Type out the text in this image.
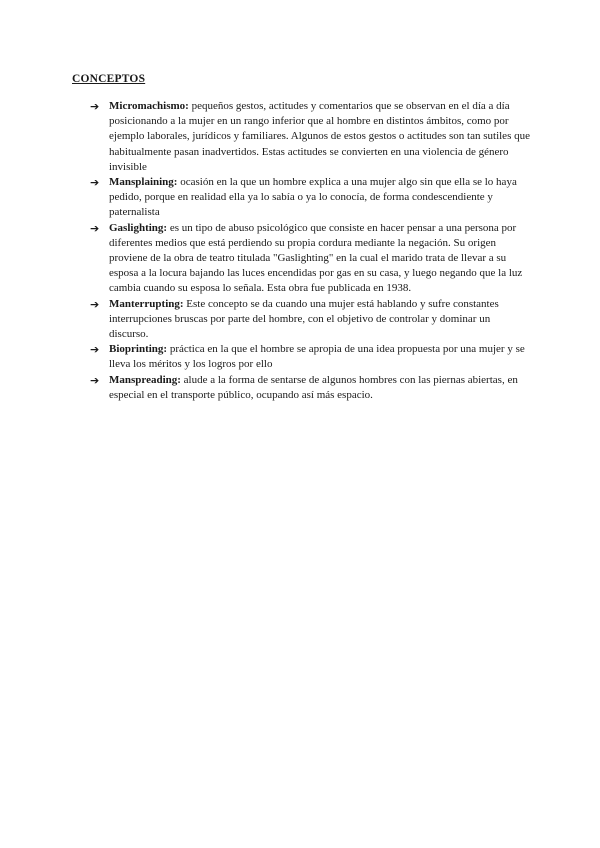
CONCEPTOS
➔ Micromachismo: pequeños gestos, actitudes y comentarios que se observan en el día a día posicionando a la mujer en un rango inferior que al hombre en distintos ámbitos, como por ejemplo laborales, jurídicos y familiares. Algunos de estos gestos o actitudes son tan sutiles que habitualmente pasan inadvertidos. Estas actitudes se convierten en una violencia de género invisible
➔ Mansplaining: ocasión en la que un hombre explica a una mujer algo sin que ella se lo haya pedido, porque en realidad ella ya lo sabía o ya lo conocía, de forma condescendiente y paternalista
➔ Gaslighting: es un tipo de abuso psicológico que consiste en hacer pensar a una persona por diferentes medios que está perdiendo su propia cordura mediante la negación. Su origen proviene de la obra de teatro titulada "Gaslighting" en la cual el marido trata de llevar a su esposa a la locura bajando las luces encendidas por gas en su casa, y luego negando que la luz cambia cuando su esposa lo señala. Esta obra fue publicada en 1938.
➔ Manterrupting: Este concepto se da cuando una mujer está hablando y sufre constantes interrupciones bruscas por parte del hombre, con el objetivo de controlar y dominar un discurso.
➔ Bioprinting: práctica en la que el hombre se apropia de una idea propuesta por una mujer y se lleva los méritos y los logros por ello
➔ Manspreading: alude a la forma de sentarse de algunos hombres con las piernas abiertas, en especial en el transporte público, ocupando así más espacio.
